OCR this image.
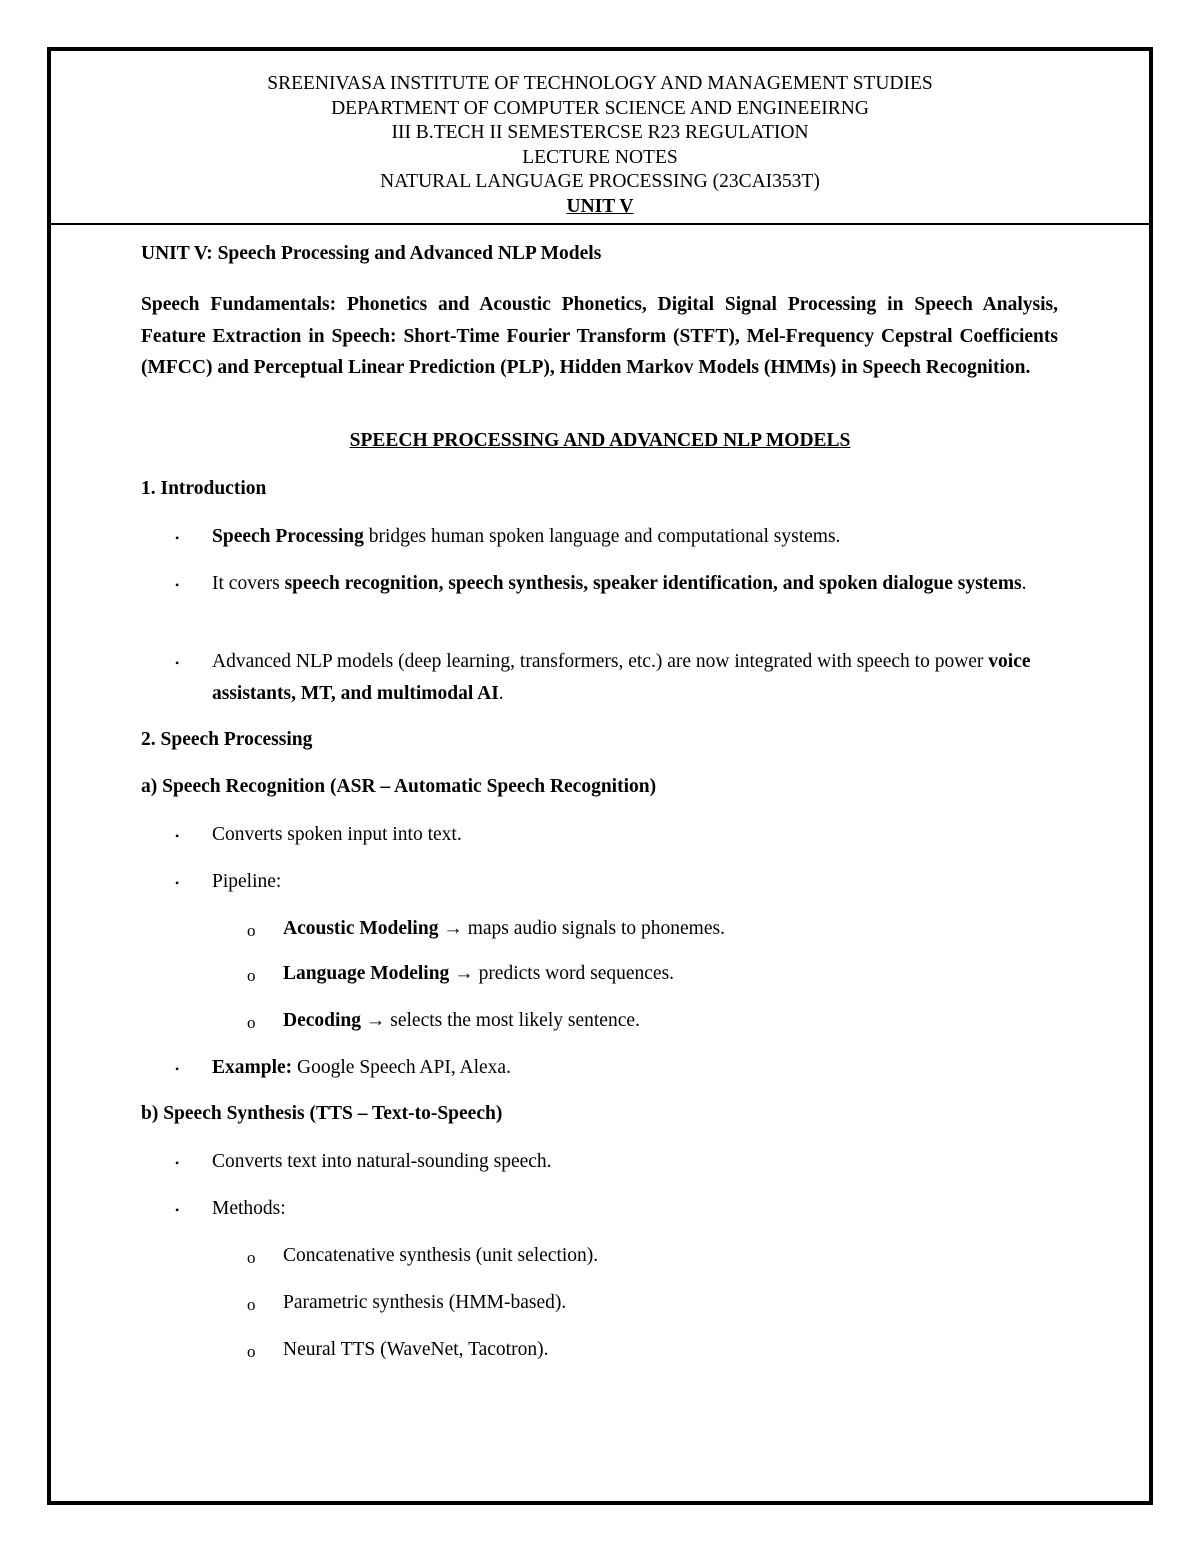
SREENIVASA INSTITUTE OF TECHNOLOGY AND MANAGEMENT STUDIES
DEPARTMENT OF COMPUTER SCIENCE AND ENGINEEIRNG
III B.TECH II SEMESTERCSE R23 REGULATION
LECTURE NOTES
NATURAL LANGUAGE PROCESSING (23CAI353T)
UNIT V
UNIT V: Speech Processing and Advanced NLP Models
Speech Fundamentals: Phonetics and Acoustic Phonetics, Digital Signal Processing in Speech Analysis, Feature Extraction in Speech: Short-Time Fourier Transform (STFT), Mel-Frequency Cepstral Coefficients (MFCC) and Perceptual Linear Prediction (PLP), Hidden Markov Models (HMMs) in Speech Recognition.
SPEECH PROCESSING AND ADVANCED NLP MODELS
1. Introduction
• Speech Processing bridges human spoken language and computational systems.
• It covers speech recognition, speech synthesis, speaker identification, and spoken dialogue systems.
• Advanced NLP models (deep learning, transformers, etc.) are now integrated with speech to power voice assistants, MT, and multimodal AI.
2. Speech Processing
a) Speech Recognition (ASR – Automatic Speech Recognition)
• Converts spoken input into text.
• Pipeline:
o Acoustic Modeling → maps audio signals to phonemes.
o Language Modeling → predicts word sequences.
o Decoding → selects the most likely sentence.
• Example: Google Speech API, Alexa.
b) Speech Synthesis (TTS – Text-to-Speech)
• Converts text into natural-sounding speech.
• Methods:
o Concatenative synthesis (unit selection).
o Parametric synthesis (HMM-based).
o Neural TTS (WaveNet, Tacotron).
